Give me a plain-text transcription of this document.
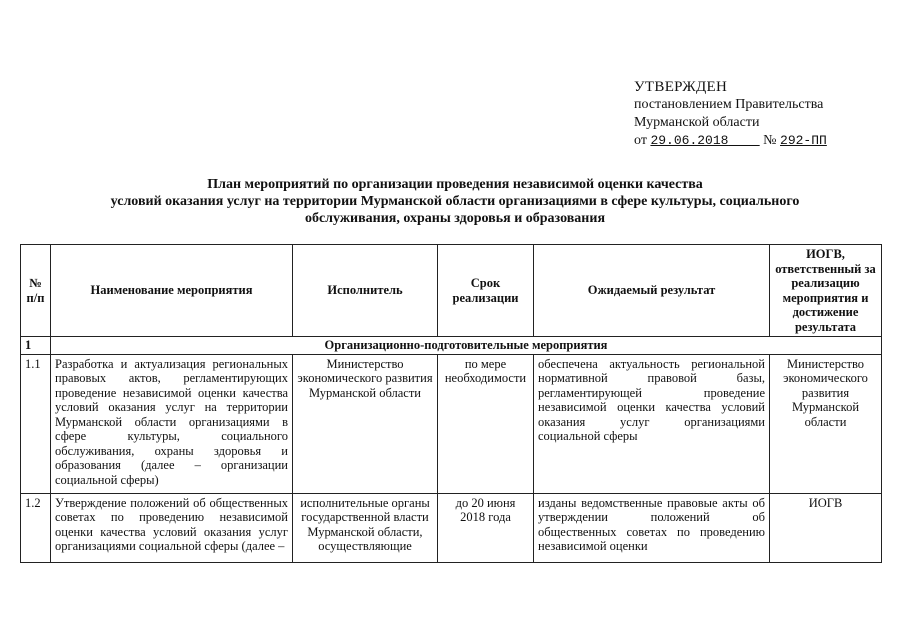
УТВЕРЖДЕН
постановлением Правительства
Мурманской области
от 29.06.2018 № 292-ПП
План мероприятий по организации проведения независимой оценки качества
условий оказания услуг на территории Мурманской области организациями в сфере культуры, социального
обслуживания, охраны здоровья и образования
№ п/п	Наименование мероприятия	Исполнитель	Срок реализации	Ожидаемый результат	ИОГВ, ответственный за реализацию мероприятия и достижение результата
1	Организационно-подготовительные мероприятия				
1.1	Разработка и актуализация региональных правовых актов, регламентирующих проведение независимой оценки качества условий оказания услуг на территории Мурманской области организациями в сфере культуры, социального обслуживания, охраны здоровья и образования (далее – организации социальной сферы)	Министерство экономического развития Мурманской области	по мере необходимости	обеспечена актуальность региональной нормативной правовой базы, регламентирующей проведение независимой оценки качества условий оказания услуг организациями социальной сферы	Министерство экономического развития Мурманской области
1.2	Утверждение положений об общественных советах по проведению независимой оценки качества условий оказания услуг организациями социальной сферы (далее –	исполнительные органы государственной власти Мурманской области, осуществляющие	до 20 июня 2018 года	изданы ведомственные правовые акты об утверждении положений об общественных советах по проведению независимой оценки	ИОГВ
